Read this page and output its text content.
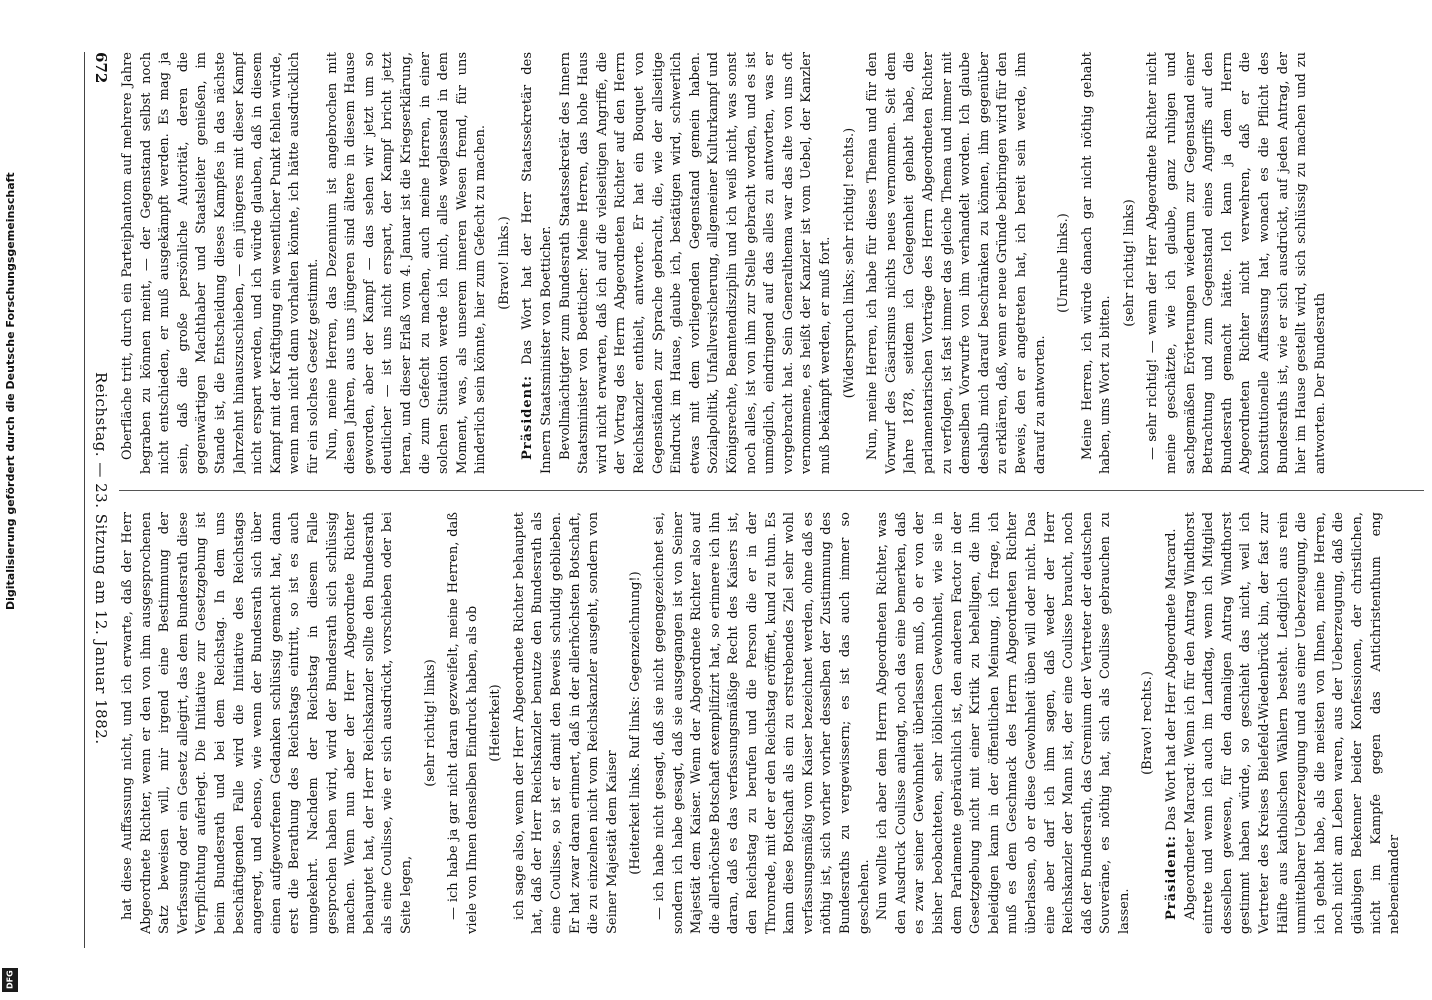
672
Reichstag. — 23. Sitzung am 12. Januar 1882.

Oberfläche tritt, durch ein Parteiphantom auf mehrere Jahre begraben zu können meint, — der Gegenstand selbst noch nicht entschieden, er muß ausgekämpft werden. Es mag ja sein, daß die große persönliche Autorität, deren die gegenwärtigen Machthaber und Staatsleiter genießen, im Stande ist, die Entscheidung dieses Kampfes in das nächste Jahrzehnt hinauszuschieben, — ein jüngeres mit dieser Kampf nicht erspart werden, und ich würde glauben, daß in diesem Kampf mit der Kräftigung ein wesentlicher Punkt fehlen würde, wenn man nicht dann vorhalten könnte, ich hätte ausdrücklich für ein solches Gesetz gestimmt. Nun, meine Herren, das Dezennium ist angebrochen mit diesen Jahren, aus uns jüngeren sind ältere in diesem Hause geworden, aber der Kampf — das sehen wir jetzt um so deutlicher — ist uns nicht erspart, der Kampf bricht jetzt heran, und dieser Erlaß vom 4. Januar ist die Kriegserklärung, die zum Gefecht zu machen, auch meine Herren, in einer solchen Situation werde ich mich, alles weglassend in dem Moment, was, als unserem inneren Wesen fremd, für uns hinderlich sein könnte, hier zum Gefecht zu machen. (Bravo! links.)

Präsident: Das Wort hat der Herr Staatssekretär des Innern Staatsminister von Boetticher. Bevollmächtigter zum Bundesrath Staatssekretär des Innern Staatsminister von Boetticher: Meine Herren, das hohe Haus wird nicht erwarten, daß ich auf die vielseitigen Angriffe, die der Vortrag des Herrn Abgeordneten Richter auf den Herrn Reichskanzler enthielt, antworte. Er hat ein Bouquet von Gegenständen zur Sprache gebracht, die, wie der allseitige Eindruck im Hause, glaube ich, bestätigen wird, schwerlich etwas mit dem vorliegenden Gegenstand gemein haben. Sozialpolitik, Unfallversicherung, allgemeiner Kulturkampf und Königsrechte, Beamtendisziplin und ich weiß nicht, was sonst noch alles, ist von ihm zur Stelle gebracht worden, und es ist unmöglich, eindringend auf das alles zu antworten, was er vorgebracht hat. Sein Generalthema war das alte von uns oft vernommene, es heißt der Kanzler ist vom Uebel, der Kanzler muß bekämpft werden, er muß fort. (Widerspruch links; sehr richtig! rechts.) Nun, meine Herren, ich habe für dieses Thema und für den Vorwurf des Cäsarismus nichts neues vernommen. Seit dem Jahre 1878, seitdem ich Gelegenheit gehabt habe, die parlamentarischen Vorträge des Herrn Abgeordneten Richter zu verfolgen, ist fast immer das gleiche Thema und immer mit demselben Vorwurfe von ihm verhandelt worden. Ich glaube deshalb mich darauf beschränken zu können, ihm gegenüber zu erklären, daß, wenn er neue Gründe beibringen wird für den Beweis, den er angetreten hat, ich bereit sein werde, ihm darauf zu antworten.

(Unruhe links.) Meine Herren, ich würde danach gar nicht nöthig gehabt haben, ums Wort zu bitten.

(sehr richtig! links) — sehr richtig! — wenn der Herr Abgeordnete Richter nicht meine geschätzte, wie ich glaube, ganz ruhigen und sachgemäßen Erörterungen wiederum zur Gegenstand einer Betrachtung und zum Gegenstand eines Angriffs auf den Bundesrath gemacht hätte. Ich kann ja dem Herrn Abgeordneten Richter nicht verwehren, daß er die konstitutionelle Auffassung hat, wonach es die Pflicht des Bundesraths ist, wie er sich ausdrückt, auf jeden Antrag, der hier im Hause gestellt wird, sich schlüssig zu machen und zu antworten. Der Bundesrath

hat diese Auffassung nicht, und ich erwarte, daß der Herr Abgeordnete Richter, wenn er den von ihm ausgesprochenen Satz beweisen will, mir irgend eine Bestimmung der Verfassung oder ein Gesetz allegirt, das dem Bundesrath diese Verpflichtung auferlegt. Die Initiative zur Gesetzgebung ist beim Bundesrath und bei dem Reichstag. In dem uns beschäftigenden Falle wird die Initiative des Reichstags angeregt, und ebenso, wie wenn der Bundesrath sich über einen aufgeworfenen Gedanken schlüssig gemacht hat, dann erst die Berathung des Reichstags eintritt, so ist es auch umgekehrt. Nachdem der Reichstag in diesem Falle gesprochen haben wird, wird der Bundesrath sich schlüssig machen. Wenn nun aber der Herr Abgeordnete Richter behauptet hat, der Herr Reichskanzler sollte den Bundesrath als eine Coulisse, wie er sich ausdrückt, vorschieben oder bei Seite legen,

(sehr richtig! links) — ich habe ja gar nicht daran gezweifelt, meine Herren, daß viele von Ihnen denselben Eindruck haben, als ob (Heiterkeit) ich sage also, wenn der Herr Abgeordnete Richter behauptet hat, daß der Herr Reichskanzler benutze den Bundesrath als eine Coulisse, so ist er damit den Beweis schuldig geblieben. Er hat zwar daran erinnert, daß in der allerhöchsten Botschaft, die zu einzelnen nicht vom Reichskanzler ausgeht, sondern von Seiner Majestät dem Kaiser (Heiterkeit links. Ruf links: Gegenzeichnung!) — ich habe nicht gesagt, daß sie nicht gegengezeichnet sei, sondern ich habe gesagt, daß sie ausgegangen ist von Seiner Majestät dem Kaiser. Wenn der Abgeordnete Richter also auf die allerhöchste Botschaft exemplifizirt hat, so erinnere ich ihn daran, daß es das verfassungsmäßige Recht des Kaisers ist, den Reichstag zu berufen und die Person die er in der Thronrede, mit der er den Reichstag eröffnet, kund zu thun. Es kann diese Botschaft als ein zu erstrebendes Ziel sehr wohl verfassungsmäßig vom Kaiser bezeichnet werden, ohne daß es nöthig ist, sich vorher vorher desselben der Zustimmung des Bundesraths zu vergewissern; es ist das auch immer so geschehen. Nun wollte ich aber dem Herrn Abgeordneten Richter, was den Ausdruck Coulisse anlangt, noch das eine bemerken, daß es zwar seiner Gewohnheit überlassen muß, ob er von der bisher beobachteten, sehr löblichen Gewohnheit, wie sie in dem Parlamente gebräuchlich ist, den anderen Factor in der Gesetzgebung nicht mit einer Kritik zu behelligen, die ihn beleidigen kann in der öffentlichen Meinung, ich frage, ich muß es dem Geschmack des Herrn Abgeordneten Richter überlassen, ob er diese Gewohnheit üben will oder nicht. Das eine aber darf ich ihm sagen, daß weder der Herr Reichskanzler der Mann ist, der eine Coulisse braucht, noch daß der Bundesrath, das Gremium der Vertreter der deutschen Souveräne, es nöthig hat, sich als Coulisse gebrauchen zu lassen.

(Bravo! rechts.)

Präsident: Das Wort hat der Herr Abgeordnete Marcard. Abgeordneter Marcard: Wenn ich für den Antrag Windthorst eintrete und wenn ich auch im Landtag, wenn ich Mitglied desselben gewesen, für den damaligen Antrag Windthorst gestimmt haben würde, so geschieht das nicht, weil ich Vertreter des Kreises Bielefeld-Wiedenbrück bin, der fast zur Hälfte aus katholischen Wählern besteht. Lediglich aus rein unmittelbarer Ueberzeugung und aus einer Ueberzeugung, die ich gehabt habe, als die meisten von Ihnen, meine Herren, noch nicht am Leben waren, aus der Ueberzeugung, daß die gläubigen Bekenner beider Konfessionen, der christlichen, nicht im Kampfe gegen das Antichristenthum eng nebeneinander

Digitalisierung gefördert durch die Deutsche Forschungsgemeinschaft
DFG
